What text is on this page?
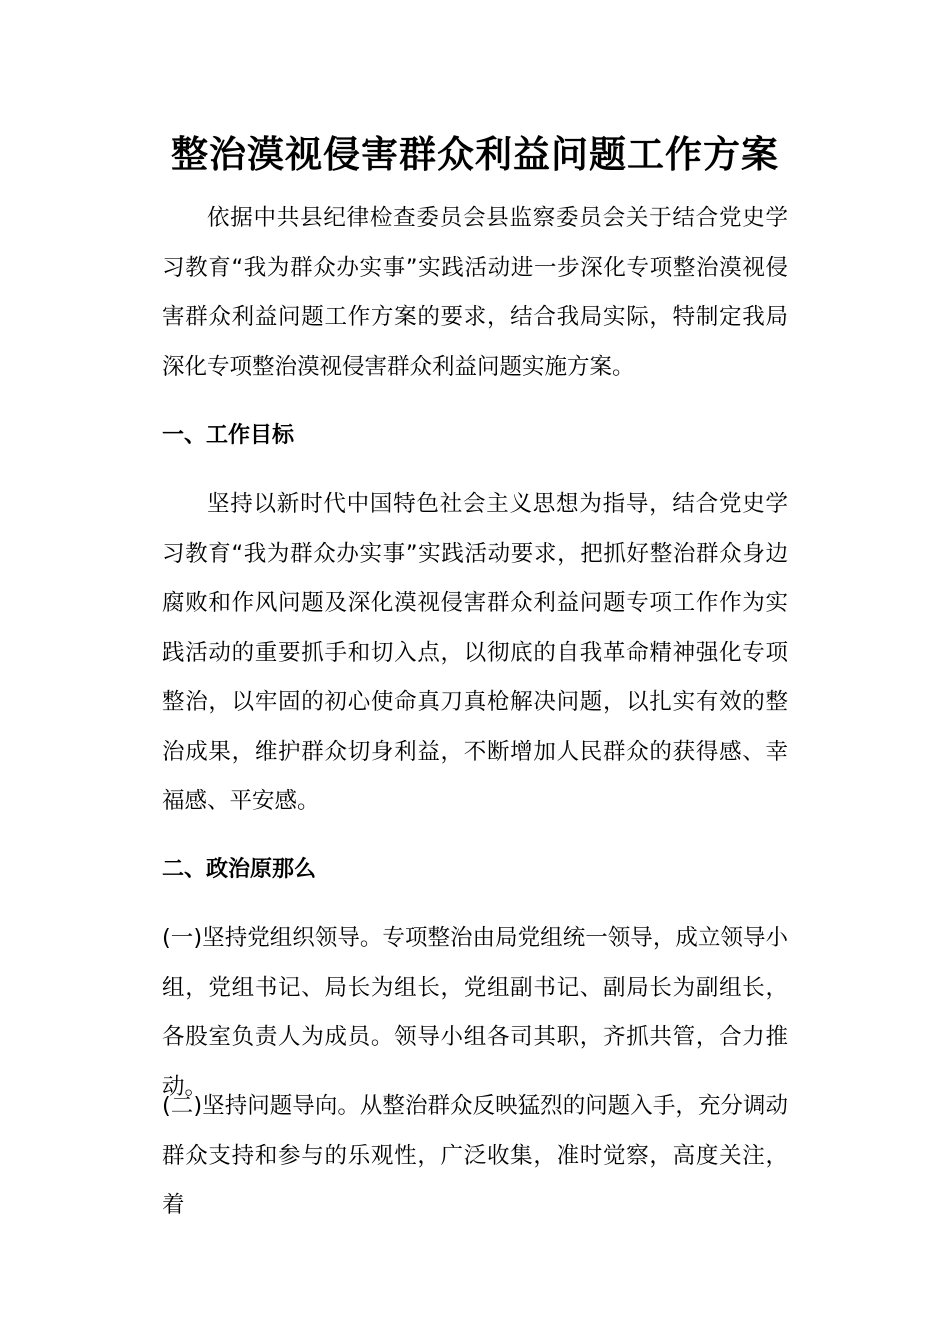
整治漠视侵害群众利益问题工作方案

依据中共县纪律检查委员会县监察委员会关于结合党史学习教育“我为群众办实事”实践活动进一步深化专项整治漠视侵害群众利益问题工作方案的要求，结合我局实际，特制定我局深化专项整治漠视侵害群众利益问题实施方案。

一、工作目标

坚持以新时代中国特色社会主义思想为指导，结合党史学习教育“我为群众办实事”实践活动要求，把抓好整治群众身边腐败和作风问题及深化漠视侵害群众利益问题专项工作作为实践活动的重要抓手和切入点，以彻底的自我革命精神强化专项整治，以牢固的初心使命真刀真枪解决问题，以扎实有效的整治成果，维护群众切身利益，不断增加人民群众的获得感、幸福感、平安感。

二、政治原那么

(一)坚持党组织领导。专项整治由局党组统一领导，成立领导小组，党组书记、局长为组长，党组副书记、副局长为副组长，各股室负责人为成员。领导小组各司其职，齐抓共管，合力推动。

(二)坚持问题导向。从整治群众反映猛烈的问题入手，充分调动群众支持和参与的乐观性，广泛收集，准时觉察，高度关注，着
